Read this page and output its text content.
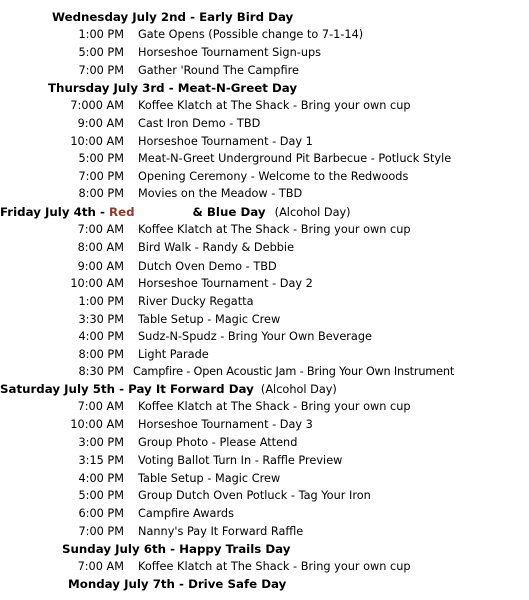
Wednesday July 2nd - Early Bird Day
1:00 PM Gate Opens (Possible change to 7-1-14)
5:00 PM Horseshoe Tournament Sign-ups
7:00 PM Gather 'Round The Campfire
Thursday July 3rd - Meat-N-Greet Day
7:000 AM Koffee Klatch at The Shack - Bring your own cup
9:00 AM Cast Iron Demo - TBD
10:00 AM Horseshoe Tournament - Day 1
5:00 PM Meat-N-Greet Underground Pit Barbecue - Potluck Style
7:00 PM Opening Ceremony - Welcome to the Redwoods
8:00 PM Movies on the Meadow - TBD
Friday July 4th - Red	& Blue Day (Alcohol Day)
7:00 AM Koffee Klatch at The Shack - Bring your own cup
8:00 AM Bird Walk - Randy & Debbie
9:00 AM Dutch Oven Demo - TBD
10:00 AM Horseshoe Tournament - Day 2
1:00 PM River Ducky Regatta
3:30 PM Table Setup - Magic Crew
4:00 PM Sudz-N-Spudz - Bring Your Own Beverage
8:00 PM Light Parade
8:30 PM Campfire - Open Acoustic Jam - Bring Your Own Instrument
Saturday July 5th - Pay It Forward Day (Alcohol Day)
7:00 AM Koffee Klatch at The Shack - Bring your own cup
10:00 AM Horseshoe Tournament - Day 3
3:00 PM Group Photo - Please Attend
3:15 PM Voting Ballot Turn In - Raffle Preview
4:00 PM Table Setup - Magic Crew
5:00 PM Group Dutch Oven Potluck - Tag Your Iron
6:00 PM Campfire Awards
7:00 PM Nanny's Pay It Forward Raffle
Sunday July 6th - Happy Trails Day
7:00 AM Koffee Klatch at The Shack - Bring your own cup
Monday July 7th - Drive Safe Day
